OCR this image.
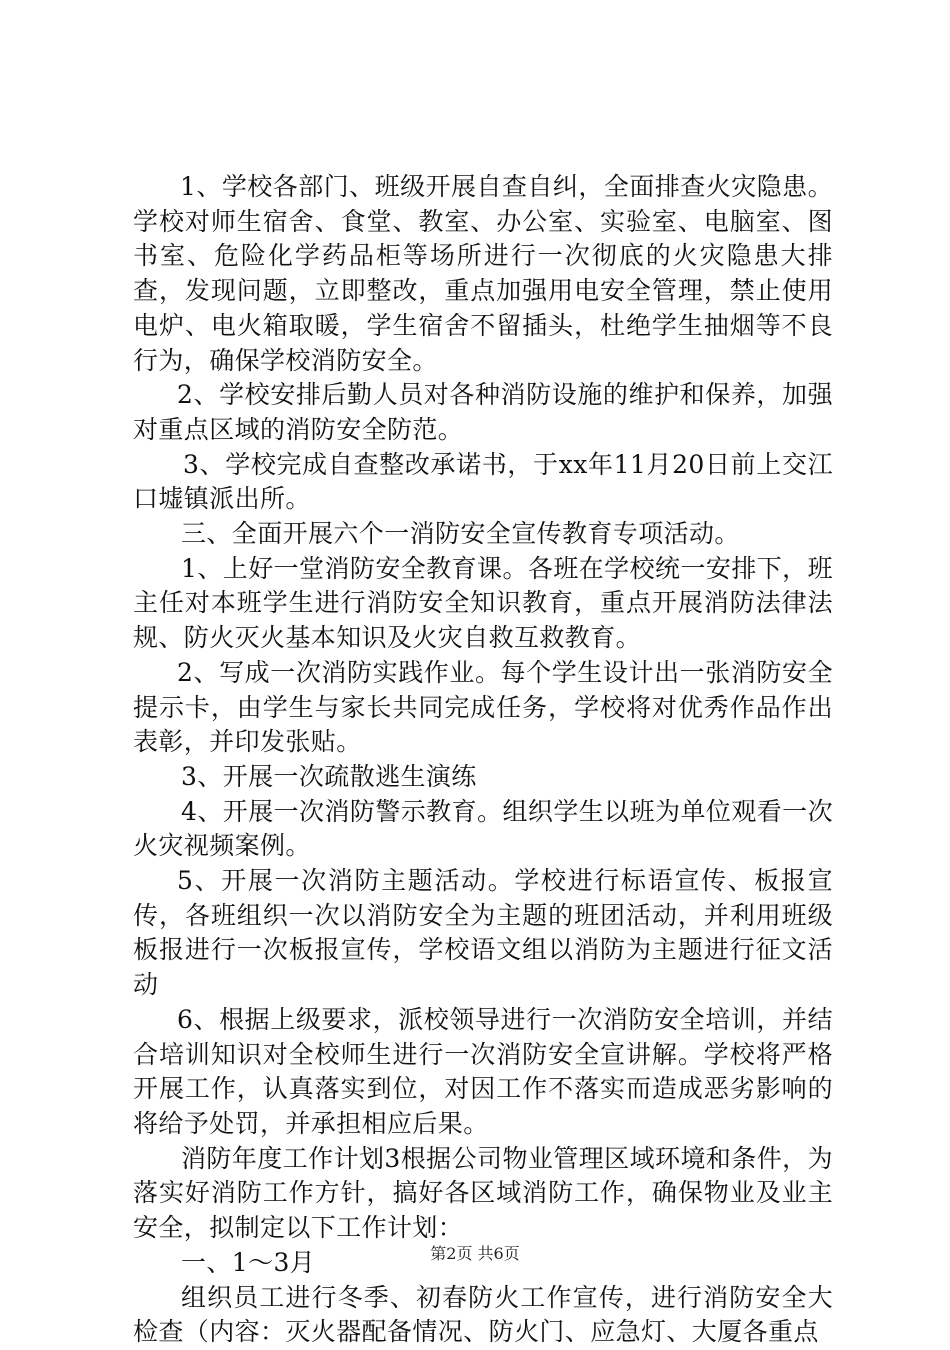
1、学校各部门、班级开展自查自纠，全面排查火灾隐患。学校对师生宿舍、食堂、教室、办公室、实验室、电脑室、图书室、危险化学药品柜等场所进行一次彻底的火灾隐患大排查，发现问题，立即整改，重点加强用电安全管理，禁止使用电炉、电火箱取暖，学生宿舍不留插头，杜绝学生抽烟等不良行为，确保学校消防安全。

2、学校安排后勤人员对各种消防设施的维护和保养，加强对重点区域的消防安全防范。

3、学校完成自查整改承诺书，于xx年11月20日前上交江口墟镇派出所。

三、全面开展六个一消防安全宣传教育专项活动。

1、上好一堂消防安全教育课。各班在学校统一安排下，班主任对本班学生进行消防安全知识教育，重点开展消防法律法规、防火灭火基本知识及火灾自救互救教育。

2、写成一次消防实践作业。每个学生设计出一张消防安全提示卡，由学生与家长共同完成任务，学校将对优秀作品作出表彰，并印发张贴。

3、开展一次疏散逃生演练

4、开展一次消防警示教育。组织学生以班为单位观看一次火灾视频案例。

5、开展一次消防主题活动。学校进行标语宣传、板报宣传，各班组织一次以消防安全为主题的班团活动，并利用班级板报进行一次板报宣传，学校语文组以消防为主题进行征文活动

6、根据上级要求，派校领导进行一次消防安全培训，并结合培训知识对全校师生进行一次消防安全宣讲解。学校将严格开展工作，认真落实到位，对因工作不落实而造成恶劣影响的将给予处罚，并承担相应后果。

消防年度工作计划3根据公司物业管理区域环境和条件，为落实好消防工作方针，搞好各区域消防工作，确保物业及业主安全，拟制定以下工作计划：

一、1～3月

组织员工进行冬季、初春防火工作宣传，进行消防安全大检查（内容：灭火器配备情况、防火门、应急灯、大厦各重点

第2页 共6页
